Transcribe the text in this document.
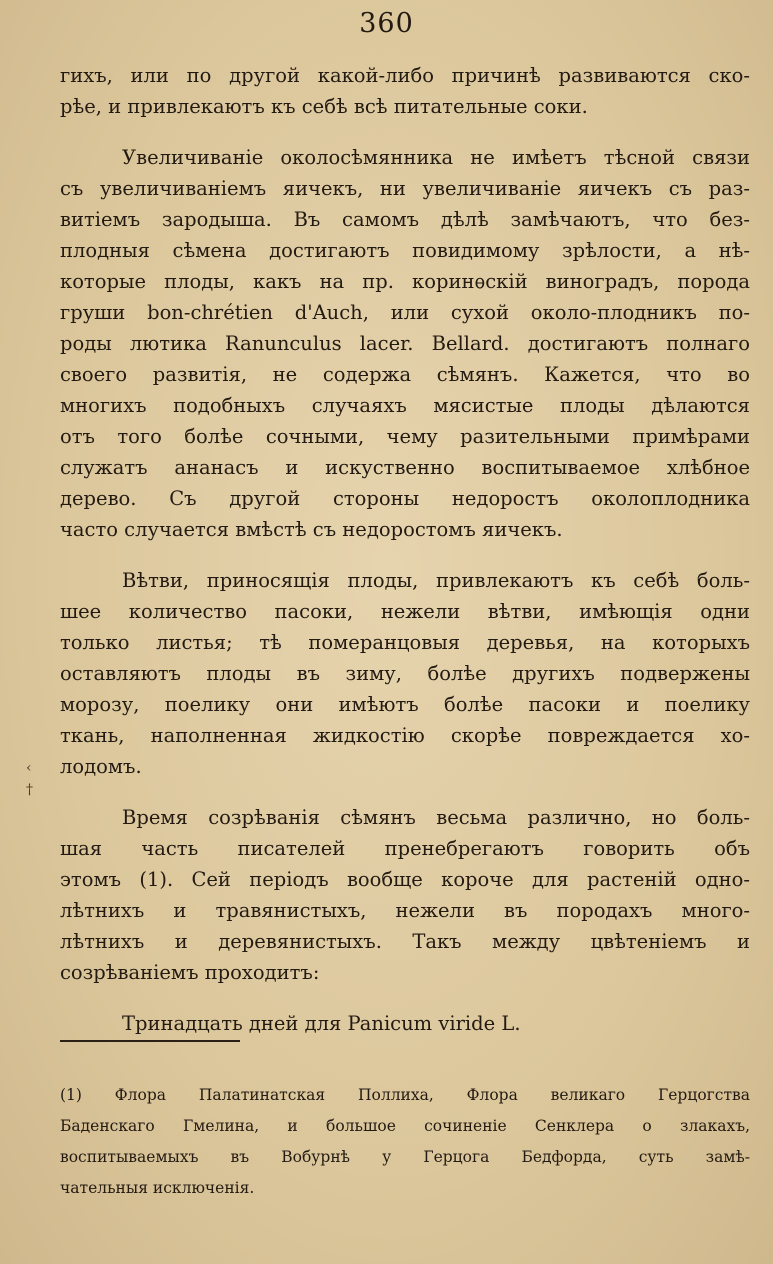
360
‹
†
гихъ, или по другой какой-либо причинѣ развиваются ско-
рѣе, и привлекаютъ къ себѣ всѣ питательные соки.
Увеличиванiе околосѣмянника не имѣетъ тѣсной связи
съ увеличиванiемъ яичекъ, ни увеличиванiе яичекъ съ раз-
витiемъ зародыша. Въ самомъ дѣлѣ замѣчаютъ, что без-
плодныя сѣмена достигаютъ повидимому зрѣлости, а нѣ-
которые плоды, какъ на пр. коринѳскiй виноградъ, порода
груши bon-chrétien d'Auch, или сухой около-плодникъ по-
роды лютика Ranunculus lacer. Bellard. достигаютъ полнаго
своего развитiя, не содержа сѣмянъ. Кажется, что во
многихъ подобныхъ случаяхъ мясистые плоды дѣлаются
отъ того болѣе сочными, чему разительными примѣрами
служатъ ананасъ и искуственно воспитываемое хлѣбное
дерево. Съ другой стороны недоростъ околоплодника
часто случается вмѣстѣ съ недоростомъ яичекъ.
Вѣтви, приносящiя плоды, привлекаютъ къ себѣ боль-
шее количество пасоки, нежели вѣтви, имѣющiя одни
только листья; тѣ померанцовыя деревья, на которыхъ
оставляютъ плоды въ зиму, болѣе другихъ подвержены
морозу, поелику они имѣютъ болѣе пасоки и поелику
ткань, наполненная жидкостiю скорѣе повреждается хо-
лодомъ.
Время созрѣванiя сѣмянъ весьма различно, но боль-
шая часть писателей пренебрегаютъ говорить объ
этомъ (1). Сей перiодъ вообще короче для растенiй одно-
лѣтнихъ и травянистыхъ, нежели въ породахъ много-
лѣтнихъ и деревянистыхъ. Такъ между цвѣтенiемъ и
созрѣванiемъ проходитъ:
Тринадцать дней для Panicum viride L.
(1) Флора Палатинатская Поллиха, Флора великаго Герцогства
Баденскаго Гмелина, и большое сочиненiе Сенклера о злакахъ,
воспитываемыхъ въ Вобурнѣ у Герцога Бедфорда, суть замѣ-
чательныя исключенiя.
